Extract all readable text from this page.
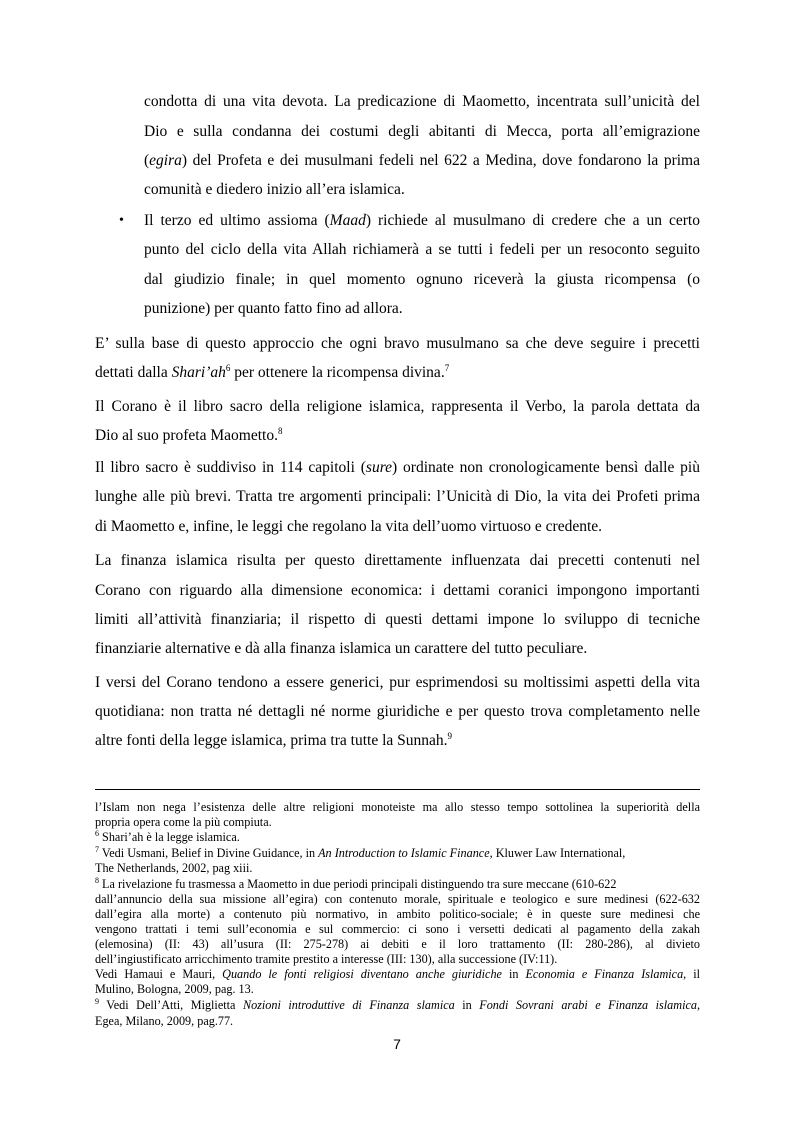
condotta di una vita devota. La predicazione di Maometto, incentrata sull’unicità del
Dio e sulla condanna dei costumi degli abitanti di Mecca, porta all’emigrazione
(egira) del Profeta e dei musulmani fedeli nel 622 a Medina, dove fondarono la prima
comunità e diedero inizio all’era islamica.
• Il terzo ed ultimo assioma (Maad) richiede al musulmano di credere che a un certo
punto del ciclo della vita Allah richiamerà a se tutti i fedeli per un resoconto seguito
dal giudizio finale; in quel momento ognuno riceverà la giusta ricompensa (o
punizione) per quanto fatto fino ad allora.
E’ sulla base di questo approccio che ogni bravo musulmano sa che deve seguire i precetti
dettati dalla $Shari’ah^6$ per ottenere la ricompensa divina.$^7$
Il Corano è il libro sacro della religione islamica, rappresenta il Verbo, la parola dettata da
Dio al suo profeta Maometto.$^8$
Il libro sacro è suddiviso in 114 capitoli (sure) ordinate non cronologicamente bensì dalle più
lunghe alle più brevi. Tratta tre argomenti principali: l’Unicità di Dio, la vita dei Profeti prima
di Maometto e, infine, le leggi che regolano la vita dell’uomo virtuoso e credente.
La finanza islamica risulta per questo direttamente influenzata dai precetti contenuti nel
Corano con riguardo alla dimensione economica: i dettami coranici impongono importanti
limiti all’attività finanziaria; il rispetto di questi dettami impone lo sviluppo di tecniche
finanziarie alternative e dà alla finanza islamica un carattere del tutto peculiare.
I versi del Corano tendono a essere generici, pur esprimendosi su moltissimi aspetti della vita
quotidiana: non tratta né dettagli né norme giuridiche e per questo trova completamento nelle
altre fonti della legge islamica, prima tra tutte la Sunnah.$^9$
l’Islam non nega l’esistenza delle altre religioni monoteiste ma allo stesso tempo sottolinea la superiorità della
propria opera come la più compiuta.
$^6$ Shari’ah è la legge islamica.
$^7$ Vedi Usmani, Belief in Divine Guidance, in An Introduction to Islamic Finance, Kluwer Law International,
The Netherlands, 2002, pag xiii.
$^8$ La rivelazione fu trasmessa a Maometto in due periodi principali distinguendo tra sure meccane (610-622
dall’annuncio della sua missione all’egira) con contenuto morale, spirituale e teologico e sure medinesi (622-632
dall’egira alla morte) a contenuto più normativo, in ambito politico-sociale; è in queste sure medinesi che
vengono trattati i temi sull’economia e sul commercio: ci sono i versetti dedicati al pagamento della zakah
(elemosina) (II: 43) all’usura (II: 275-278) ai debiti e il loro trattamento (II: 280-286), al divieto
dell’ingiustificato arricchimento tramite prestito a interesse (III: 130), alla successione (IV:11).
Vedi Hamaui e Mauri, Quando le fonti religiosi diventano anche giuridiche in Economia e Finanza Islamica, il
Mulino, Bologna, 2009, pag. 13.
$^9$ Vedi Dell’Atti, Miglietta Nozioni introduttive di Finanza slamica in Fondi Sovrani arabi e Finanza islamica,
Egea, Milano, 2009, pag.77.
7
